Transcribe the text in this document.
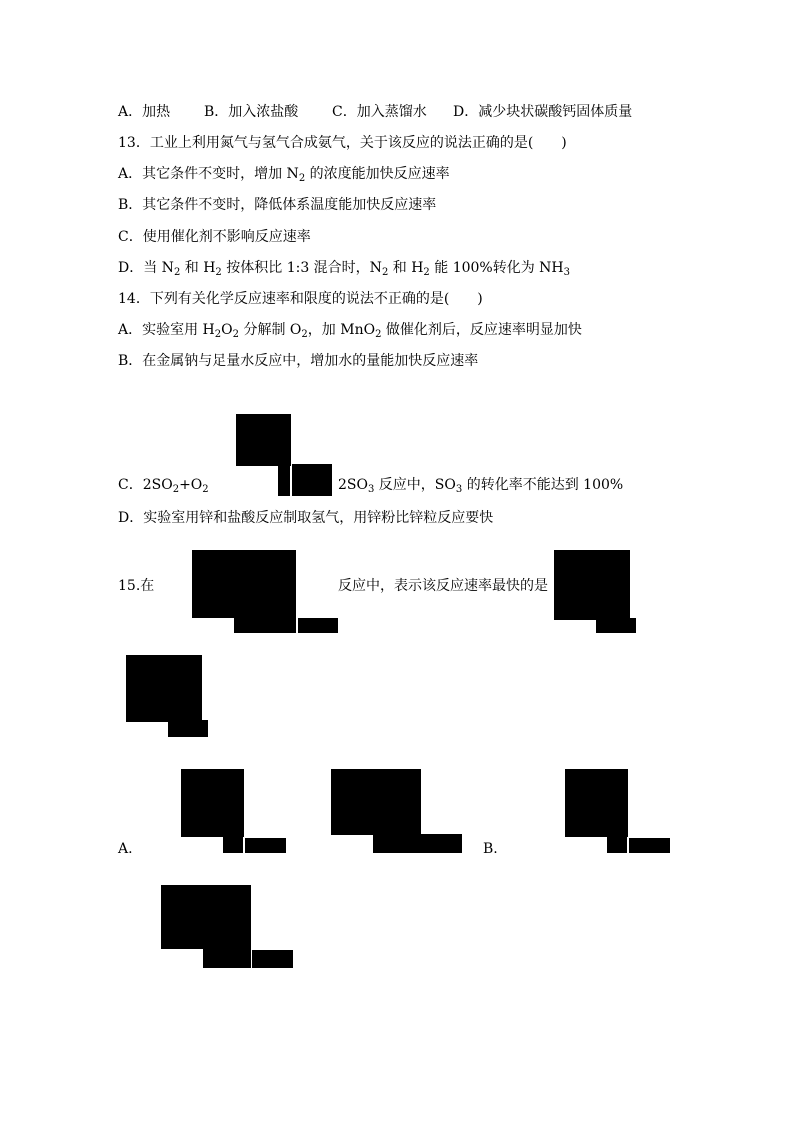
A．加热 B．加入浓盐酸 C．加入蒸馏水 D．减少块状碳酸钙固体质量
13．工业上利用氮气与氢气合成氨气，关于该反应的说法正确的是(　　)
A．其它条件不变时，增加 $N_2$ 的浓度能加快反应速率
B．其它条件不变时，降低体系温度能加快反应速率
C．使用催化剂不影响反应速率
D．当 $N_2$ 和 $H_2$ 按体积比 1:3 混合时，$N_2$ 和 $H_2$ 能 100%转化为 $NH_3$
14．下列有关化学反应速率和限度的说法不正确的是(　　)
A．实验室用 $H_2O_2$ 分解制 $O_2$，加 MnO$_2$ 做催化剂后，反应速率明显加快
B．在金属钠与足量水反应中，增加水的量能加快反应速率
C．$2SO_2+O_2$	$2SO_3$ 反应中，$SO_3$ 的转化率不能达到 100%
D．实验室用锌和盐酸反应制取氢气，用锌粉比锌粒反应要快
15.在	反应中，表示该反应速率最快的是
A.	B.
